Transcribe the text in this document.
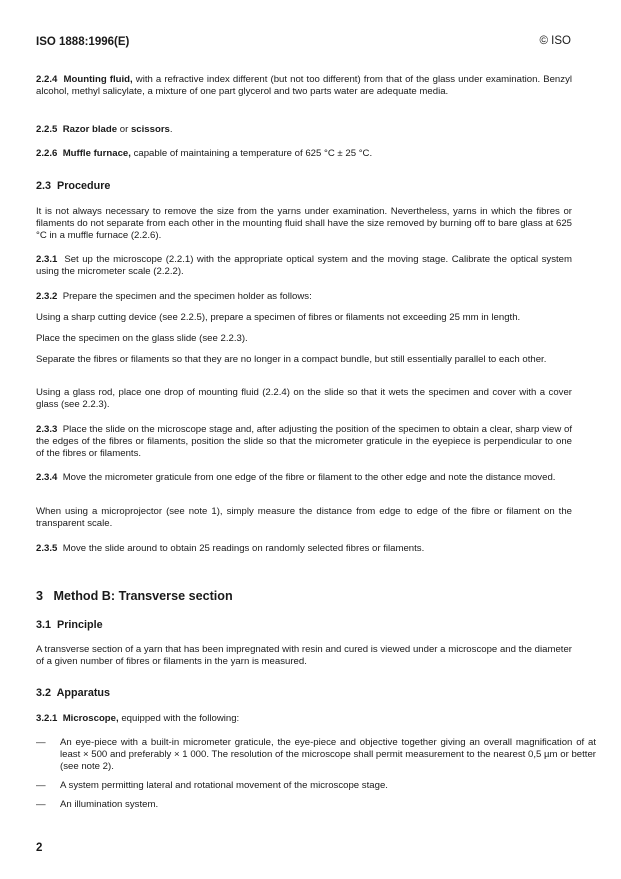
ISO 1888:1996(E)	© ISO

2.2.4 Mounting fluid, with a refractive index different (but not too different) from that of the glass under examination. Benzyl alcohol, methyl salicylate, a mixture of one part glycerol and two parts water are adequate media.

2.2.5 Razor blade or scissors.

2.2.6 Muffle furnace, capable of maintaining a temperature of 625 °C ± 25 °C.

2.3 Procedure

It is not always necessary to remove the size from the yarns under examination. Nevertheless, yarns in which the fibres or filaments do not separate from each other in the mounting fluid shall have the size removed by burning off to bare glass at 625 °C in a muffle furnace (2.2.6).

2.3.1 Set up the microscope (2.2.1) with the appropriate optical system and the moving stage. Calibrate the optical system using the micrometer scale (2.2.2).

2.3.2 Prepare the specimen and the specimen holder as follows:

Using a sharp cutting device (see 2.2.5), prepare a specimen of fibres or filaments not exceeding 25 mm in length.

Place the specimen on the glass slide (see 2.2.3).

Separate the fibres or filaments so that they are no longer in a compact bundle, but still essentially parallel to each other.

Using a glass rod, place one drop of mounting fluid (2.2.4) on the slide so that it wets the specimen and cover with a cover glass (see 2.2.3).

2.3.3 Place the slide on the microscope stage and, after adjusting the position of the specimen to obtain a clear, sharp view of the edges of the fibres or filaments, position the slide so that the micrometer graticule in the eyepiece is perpendicular to one of the fibres or filaments.

2.3.4 Move the micrometer graticule from one edge of the fibre or filament to the other edge and note the distance moved.

When using a microprojector (see note 1), simply measure the distance from edge to edge of the fibre or filament on the transparent scale.

2.3.5 Move the slide around to obtain 25 readings on randomly selected fibres or filaments.

3 Method B: Transverse section

3.1 Principle

A transverse section of a yarn that has been impregnated with resin and cured is viewed under a microscope and the diameter of a given number of fibres or filaments in the yarn is measured.

3.2 Apparatus

3.2.1 Microscope, equipped with the following:

— An eye-piece with a built-in micrometer graticule, the eye-piece and objective together giving an overall magnification of at least × 500 and preferably × 1 000. The resolution of the microscope shall permit measurement to the nearest 0,5 µm or better (see note 2).

— A system permitting lateral and rotational movement of the microscope stage.

— An illumination system.

2
